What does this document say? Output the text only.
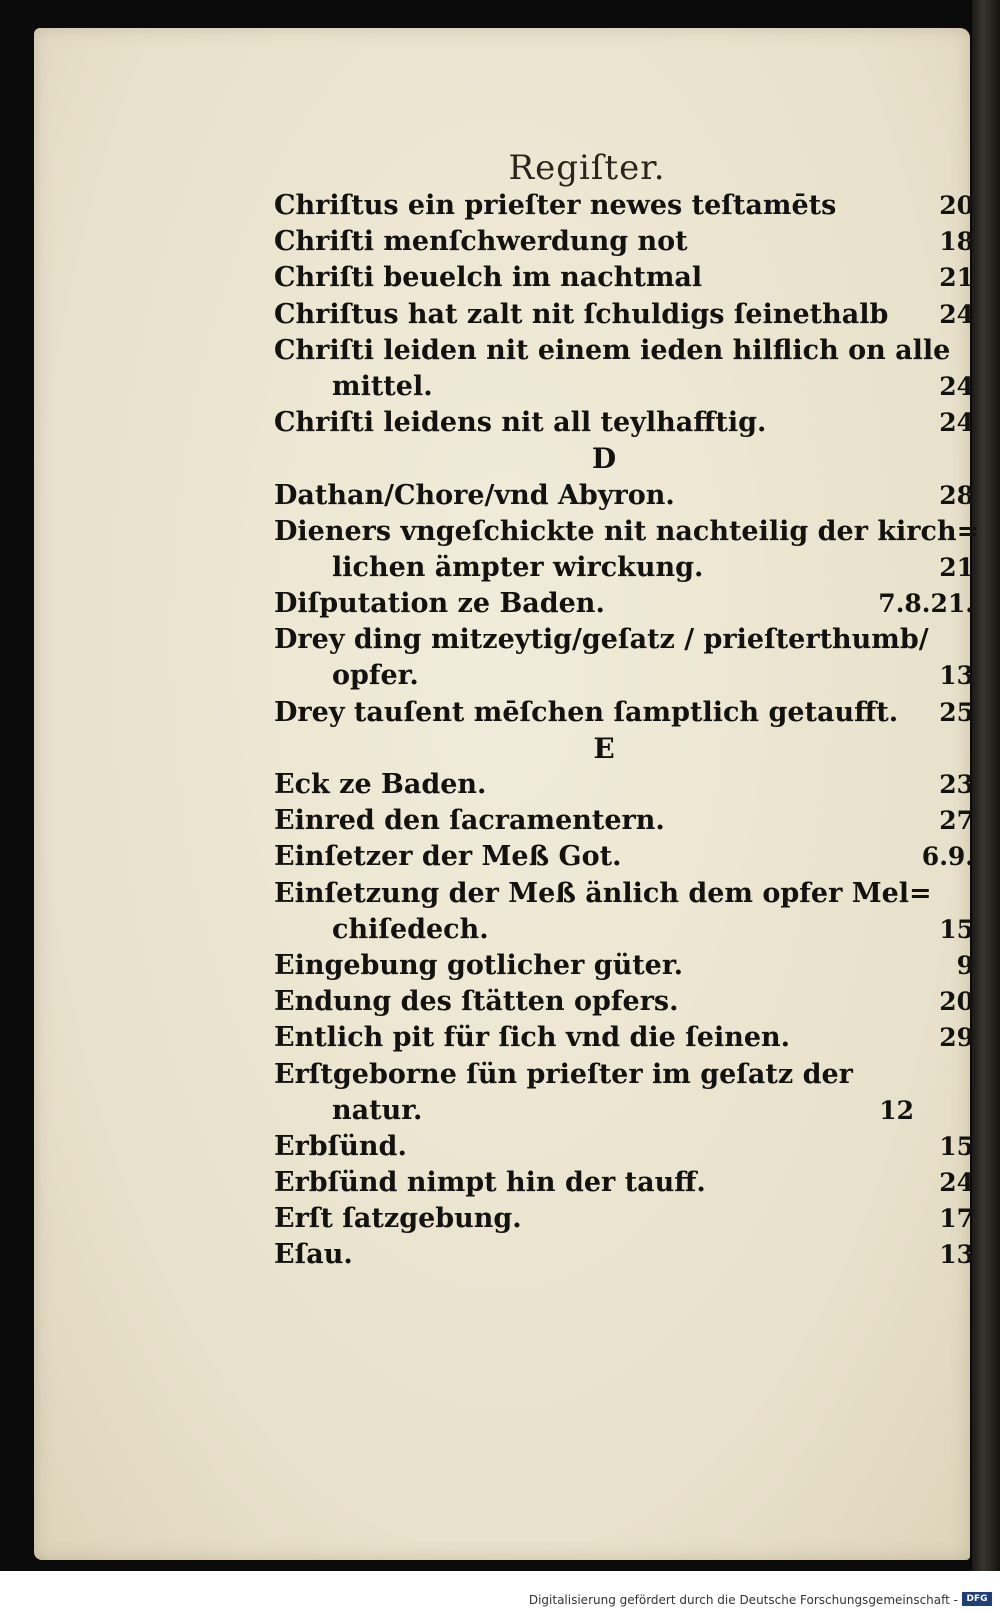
Regiſter.
Chriſtus ein prieſter newes teſtamēts	20
Chriſti menſchwerdung not	18
Chriſti beuelch im nachtmal	21
Chriſtus hat zalt nit ſchuldigs ſeinethalb 24
Chriſti leiden nit einem ieden hilflich on alle
mittel.	24
Chriſti leidens nit all teylhafftig.	24
D
Dathan/Chore/vnd Abyron.	28
Dieners vngeſchickte nit nachteilig der kirch=
lichen ämpter wirckung.	21
Diſputation ze Baden.	7.8.21.
Drey ding mitzeytig/geſatz / prieſterthumb/
opfer.	13
Drey tauſent mēſchen ſamptlich getaufft. 25
E
Eck ze Baden.	23
Einred den ſacramentern.	27
Einſetzer der Meß Got.	6.9.
Einſetzung der Meß änlich dem opfer Mel=
chiſedech.	15
Eingebung gotlicher güter.	9
Endung des ſtätten opfers.	20
Entlich pit für ſich vnd die ſeinen.	29
Erſtgeborne ſün prieſter im geſatz der
natur.	12
Erbſünd.	15
Erbſünd nimpt hin der tauff.	24
Erſt ſatzgebung.	17
Eſau.	13
Digitalisierung gefördert durch die Deutsche Forschungsgemeinschaft - DFG
